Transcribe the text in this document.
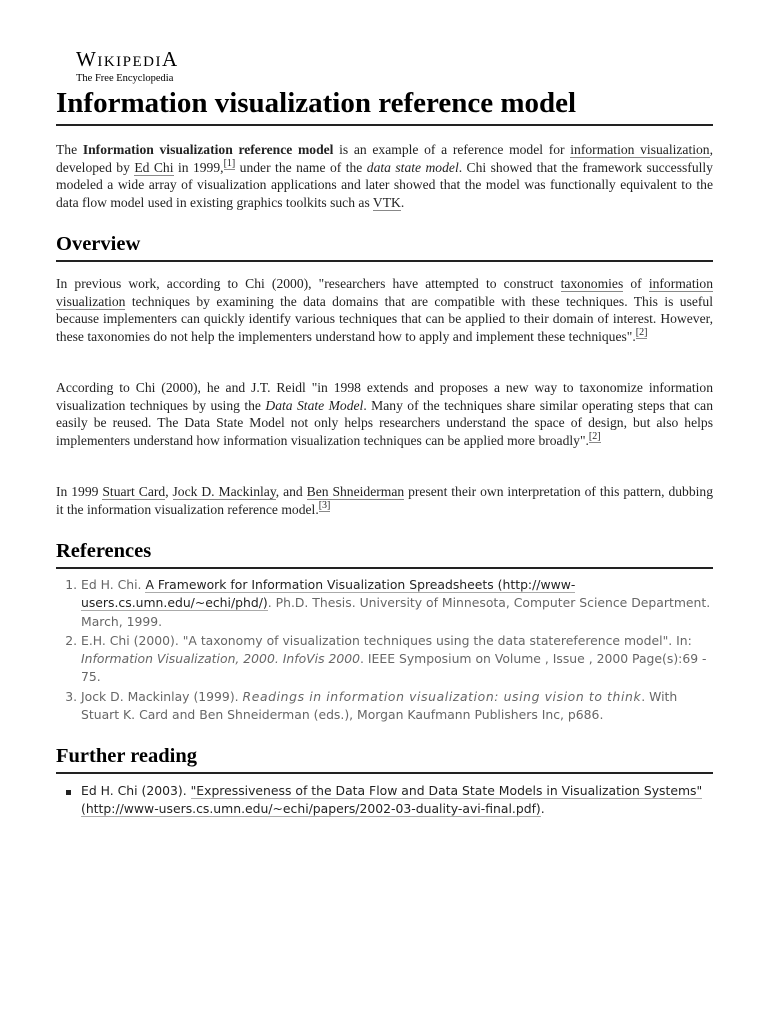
WIKIPEDIA
The Free Encyclopedia
Information visualization reference model

The Information visualization reference model is an example of a reference model for information visualization, developed by Ed Chi in 1999,[1] under the name of the data state model. Chi showed that the framework successfully modeled a wide array of visualization applications and later showed that the model was functionally equivalent to the data flow model used in existing graphics toolkits such as VTK.

Overview

In previous work, according to Chi (2000), "researchers have attempted to construct taxonomies of information visualization techniques by examining the data domains that are compatible with these techniques. This is useful because implementers can quickly identify various techniques that can be applied to their domain of interest. However, these taxonomies do not help the implementers understand how to apply and implement these techniques".[2]

According to Chi (2000), he and J.T. Reidl "in 1998 extends and proposes a new way to taxonomize information visualization techniques by using the Data State Model. Many of the techniques share similar operating steps that can easily be reused. The Data State Model not only helps researchers understand the space of design, but also helps implementers understand how information visualization techniques can be applied more broadly".[2]

In 1999 Stuart Card, Jock D. Mackinlay, and Ben Shneiderman present their own interpretation of this pattern, dubbing it the information visualization reference model.[3]

References
1. Ed H. Chi. A Framework for Information Visualization Spreadsheets (http://www-users.cs.umn.edu/~echi/phd/). Ph.D. Thesis. University of Minnesota, Computer Science Department. March, 1999.
2. E.H. Chi (2000). "A taxonomy of visualization techniques using the data statereference model". In: Information Visualization, 2000. InfoVis 2000. IEEE Symposium on Volume , Issue , 2000 Page(s):69 - 75.
3. Jock D. Mackinlay (1999). Readings in information visualization: using vision to think. With Stuart K. Card and Ben Shneiderman (eds.), Morgan Kaufmann Publishers Inc, p686.
Further reading
Ed H. Chi (2003). "Expressiveness of the Data Flow and Data State Models in Visualization Systems" (http://www-users.cs.umn.edu/~echi/papers/2002-03-duality-avi-final.pdf).
